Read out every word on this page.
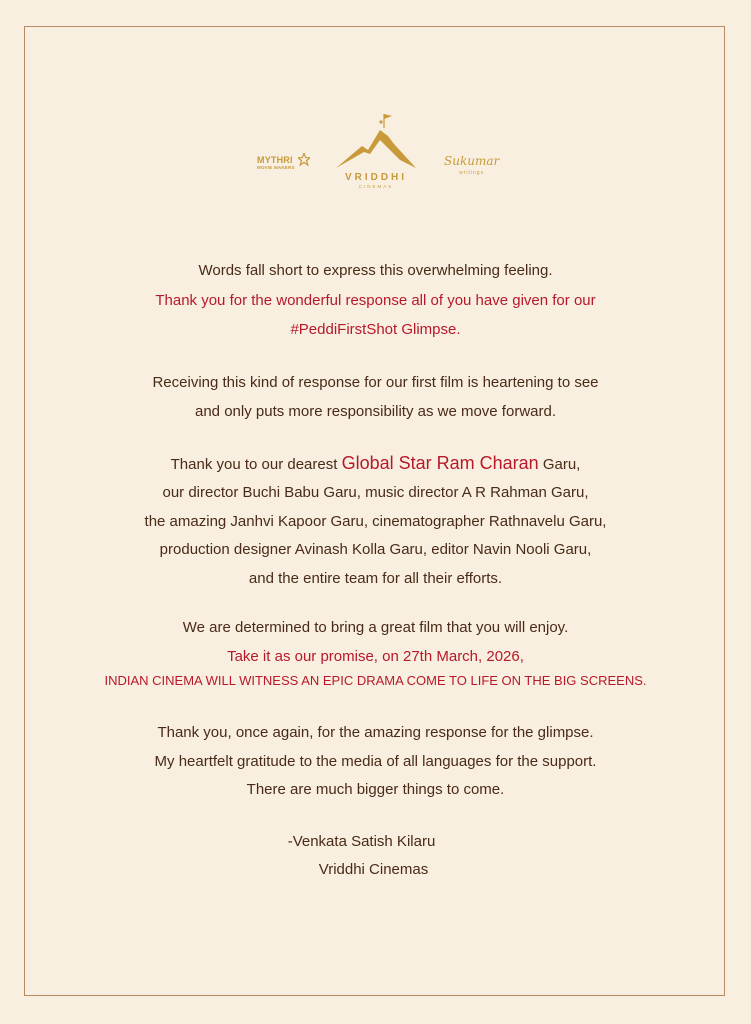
MYTHRI
MOVIE MAKERS
VRIDDHI
CINEMAS
Sukumar
writings
Words fall short to express this overwhelming feeling.
Thank you for the wonderful response all of you have given for our
#PeddiFirstShot Glimpse.
Receiving this kind of response for our first film is heartening to see
and only puts more responsibility as we move forward.
Thank you to our dearest Global Star Ram Charan Garu,
our director Buchi Babu Garu, music director A R Rahman Garu,
the amazing Janhvi Kapoor Garu, cinematographer Rathnavelu Garu,
production designer Avinash Kolla Garu, editor Navin Nooli Garu,
and the entire team for all their efforts.
We are determined to bring a great film that you will enjoy.
Take it as our promise, on 27th March, 2026,
INDIAN CINEMA WILL WITNESS AN EPIC DRAMA COME TO LIFE ON THE BIG SCREENS.
Thank you, once again, for the amazing response for the glimpse.
My heartfelt gratitude to the media of all languages for the support.
There are much bigger things to come.
-Venkata Satish Kilaru
Vriddhi Cinemas
